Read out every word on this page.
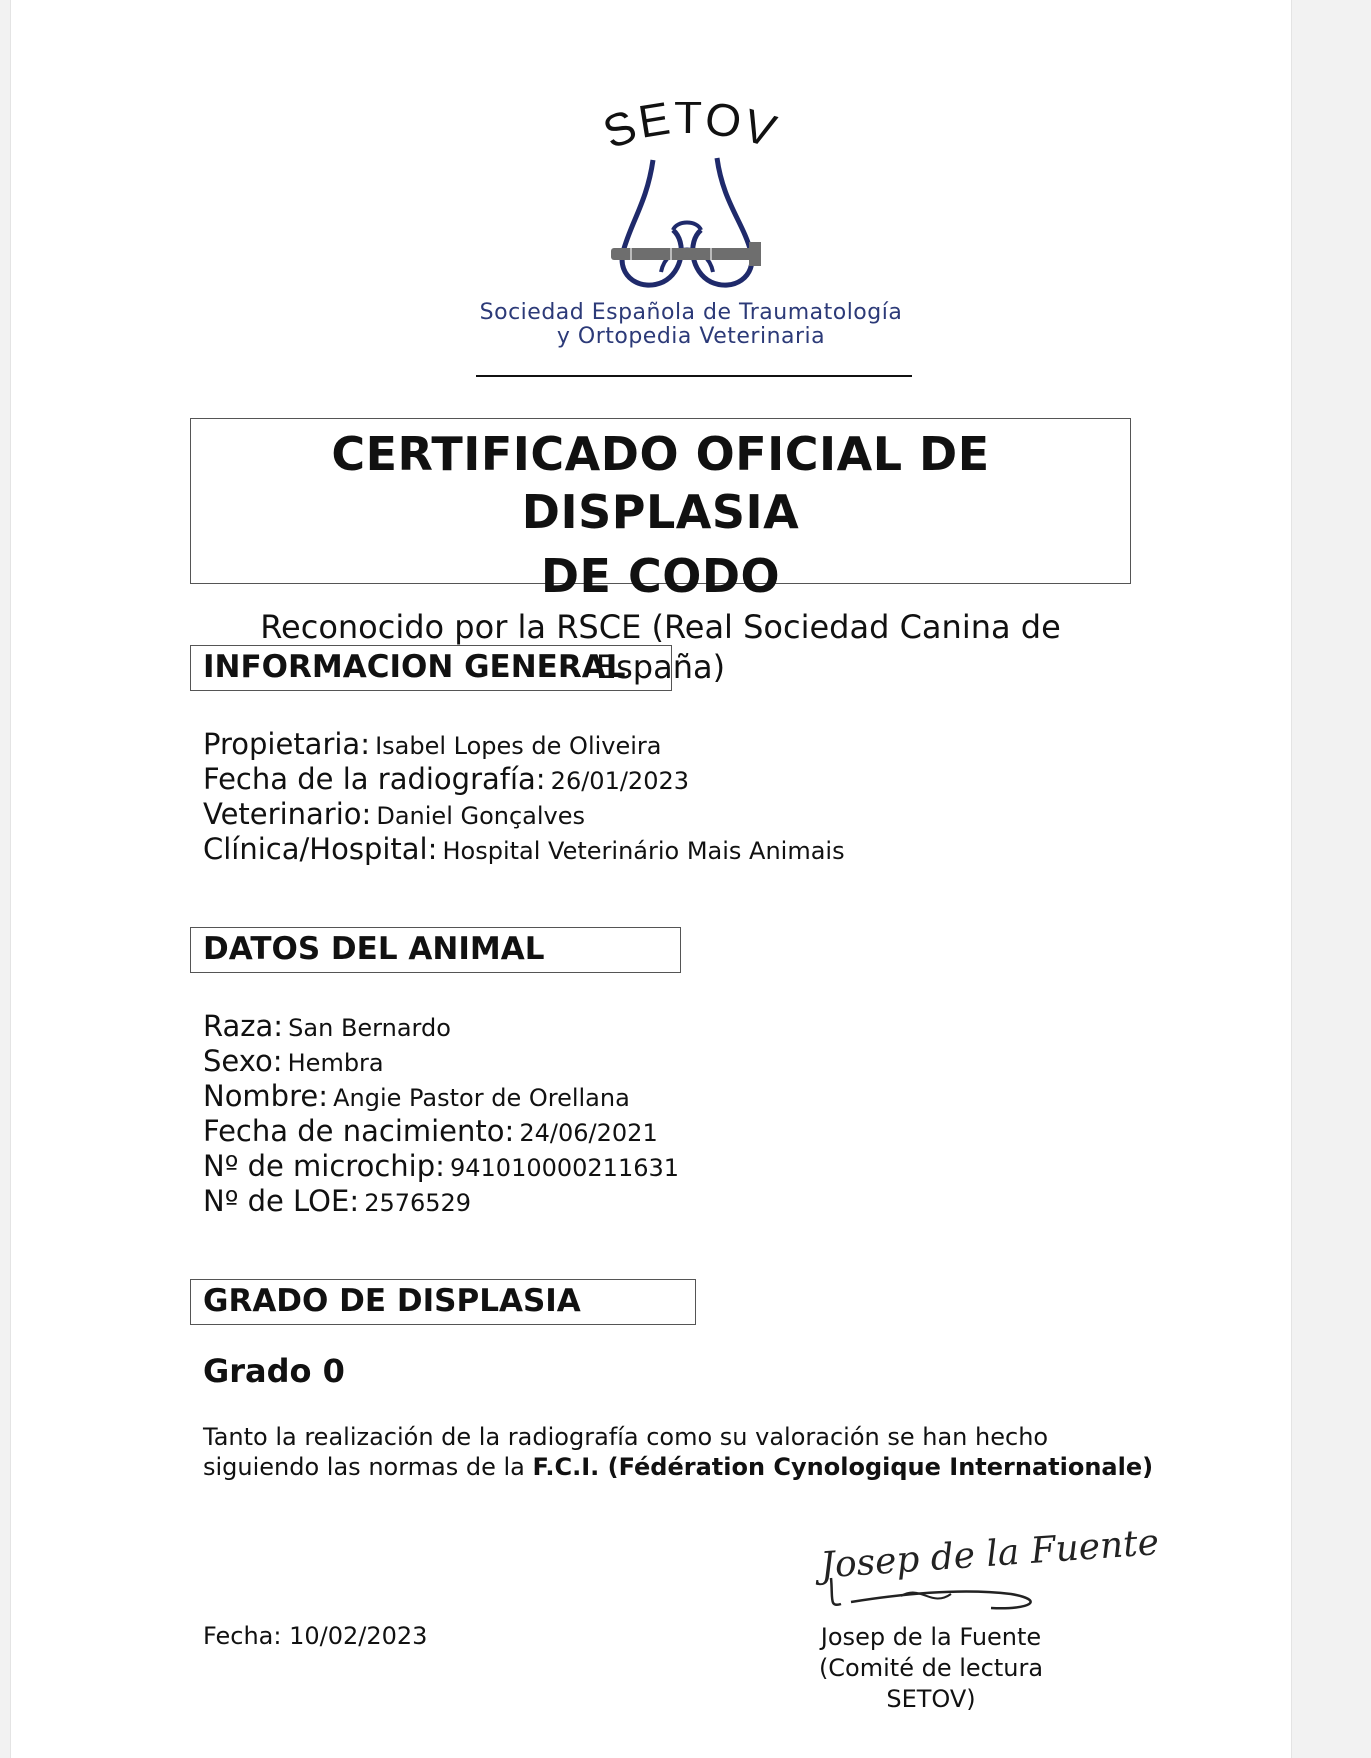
SETOV
Sociedad Española de Traumatología
y Ortopedia Veterinaria
CERTIFICADO OFICIAL DE DISPLASIA
DE CODO
Reconocido por la RSCE (Real Sociedad Canina de España)
INFORMACION GENERAL
Propietaria: Isabel Lopes de Oliveira
Fecha de la radiografía: 26/01/2023
Veterinario: Daniel Gonçalves
Clínica/Hospital: Hospital Veterinário Mais Animais
DATOS DEL ANIMAL
Raza: San Bernardo
Sexo: Hembra
Nombre: Angie Pastor de Orellana
Fecha de nacimiento: 24/06/2021
Nº de microchip: 941010000211631
Nº de LOE: 2576529
GRADO DE DISPLASIA
Grado 0
Tanto la realización de la radiografía como su valoración se han hecho
siguiendo las normas de la F.C.I. (Fédération Cynologique Internationale)
Fecha: 10/02/2023
Josep de la Fuente
Josep de la Fuente
(Comité de lectura SETOV)
